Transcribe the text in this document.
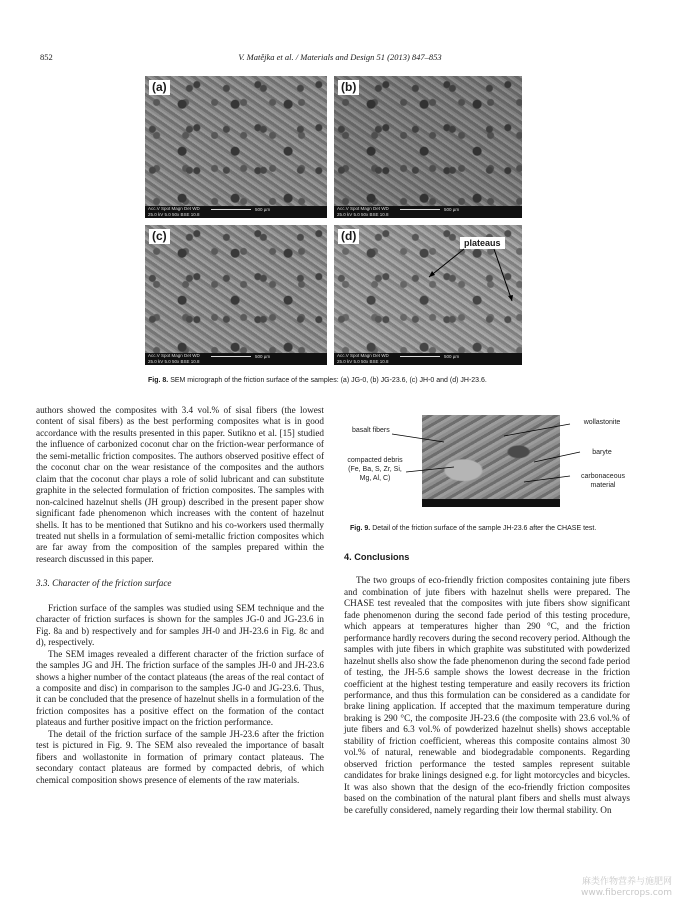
852	V. Matějka et al. / Materials and Design 51 (2013) 847–853
(a)
Acc.V Spot Magn Det WD
25.0 kV 5.0 50x BSE 10.8
500 µm
(b)
Acc.V Spot Magn Det WD
25.0 kV 5.0 50x BSE 10.8
500 µm
(c)
Acc.V Spot Magn Det WD
25.0 kV 5.0 50x BSE 10.8
500 µm
(d)	plateaus
Acc.V Spot Magn Det WD
25.0 kV 5.0 50x BSE 10.8
500 µm
Fig. 8. SEM micrograph of the friction surface of the samples: (a) JG-0, (b) JG-23.6, (c) JH-0 and (d) JH-23.6.

authors showed the composites with 3.4 vol.% of sisal fibers (the lowest content of sisal fibers) as the best performing composites what is in good accordance with the results presented in this paper. Sutikno et al. [15] studied the influence of carbonized coconut char on the friction-wear performance of the semi-metallic friction composites. The authors observed positive effect of the coconut char on the wear resistance of the composites and the authors claim that the coconut char plays a role of solid lubricant and can substitute graphite in the selected formulation of friction composites. The samples with non-calcined hazelnut shells (JH group) described in the present paper show significant fade phenomenon which increases with the content of hazelnut shells. It has to be mentioned that Sutikno and his co-workers used thermally treated nut shells in a formulation of semi-metallic friction composites which are far away from the composition of the samples prepared within the research discussed in this paper.

3.3. Character of the friction surface

Friction surface of the samples was studied using SEM technique and the character of friction surfaces is shown for the samples JG-0 and JG-23.6 in Fig. 8a and b) respectively and for samples JH-0 and JH-23.6 in Fig. 8c and d), respectively.

The SEM images revealed a different character of the friction surface of the samples JG and JH. The friction surface of the samples JH-0 and JH-23.6 shows a higher number of the contact plateaus (the areas of the real contact of a composite and disc) in comparison to the samples JG-0 and JG-23.6. Thus, it can be concluded that the presence of hazelnut shells in a formulation of the friction composites has a positive effect on the formation of the contact plateaus and further positive impact on the friction performance.

The detail of the friction surface of the sample JH-23.6 after the friction test is pictured in Fig. 9. The SEM also revealed the importance of basalt fibers and wollastonite in formation of primary contact plateaus. The secondary contact plateaus are formed by compacted debris, of which chemical composition shows presence of elements of the raw materials.

basalt fibers
compacted debris (Fe, Ba, S, Zr, Si, Mg, Al, C)
wollastonite
baryte
carbonaceous material
Fig. 9. Detail of the friction surface of the sample JH-23.6 after the CHASE test.

4. Conclusions

The two groups of eco-friendly friction composites containing jute fibers and combination of jute fibers with hazelnut shells were prepared. The CHASE test revealed that the composites with jute fibers show significant fade phenomenon during the second fade period of this testing procedure, which appears at temperatures higher than 290 °C, and the friction performance hardly recovers during the second recovery period. Although the samples with jute fibers in which graphite was substituted with powderized hazelnut shells also show the fade phenomenon during the second fade period of testing, the JH-5.6 sample shows the lowest decrease in the friction coefficient at the highest testing temperature and easily recovers its friction performance, and thus this formulation can be considered as a candidate for brake lining application. If accepted that the maximum temperature during braking is 290 °C, the composite JH-23.6 (the composite with 23.6 vol.% of jute fibers and 6.3 vol.% of powderized hazelnut shells) shows acceptable stability of friction coefficient, whereas this composite contains almost 30 vol.% of natural, renewable and biodegradable components. Regarding observed friction performance the tested samples represent suitable candidates for brake linings designed e.g. for light motorcycles and bicycles. It was also shown that the design of the eco-friendly friction composites based on the combination of the natural plant fibers and shells must always be carefully considered, namely regarding their low thermal stability. On

麻类作物营养与施肥网
www.fibercrops.com
